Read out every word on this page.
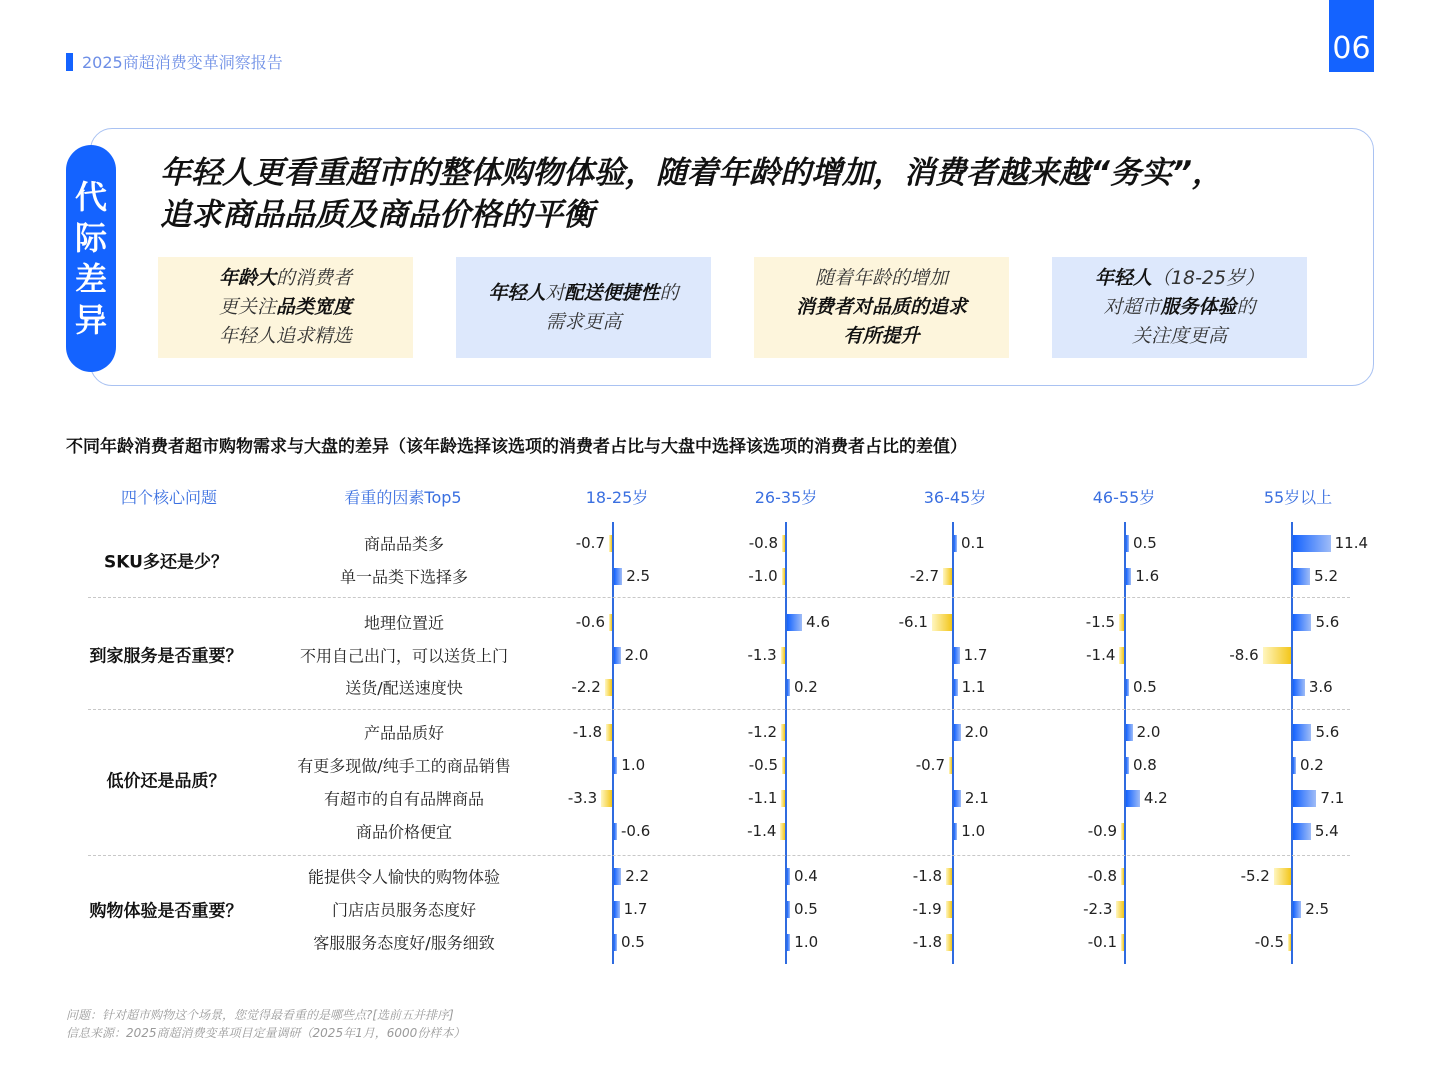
2025商超消费变革洞察报告	06
代
际
差
异
年轻人更看重超市的整体购物体验，随着年龄的增加，消费者越来越“务实”，
追求商品品质及商品价格的平衡
年龄大的消费者
更关注品类宽度
年轻人追求精选
年轻人对配送便捷性的
需求更高
随着年龄的增加
消费者对品质的追求
有所提升
年轻人（18-25岁）
对超市服务体验的
关注度更高
不同年龄消费者超市购物需求与大盘的差异（该年龄选择该选项的消费者占比与大盘中选择该选项的消费者占比的差值）
四个核心问题	看重的因素Top5	18-25岁	26-35岁	36-45岁	46-55岁	55岁以上
SKU多还是少？
商品品类多	-0.7	-0.8	0.1	0.5	11.4
单一品类下选择多	2.5	-1.0	-2.7	1.6	5.2
到家服务是否重要？
地理位置近	-0.6	4.6	-6.1	-1.5	5.6
不用自己出门，可以送货上门	2.0	-1.3	1.7	-1.4	-8.6
送货/配送速度快	-2.2	0.2	1.1	0.5	3.6
低价还是品质？
产品品质好	-1.8	-1.2	2.0	2.0	5.6
有更多现做/纯手工的商品销售	1.0	-0.5	-0.7	0.8	0.2
有超市的自有品牌商品	-3.3	-1.1	2.1	4.2	7.1
商品价格便宜	-0.6	-1.4	1.0	-0.9	5.4
购物体验是否重要？
能提供令人愉快的购物体验	2.2	0.4	-1.8	-0.8	-5.2
门店店员服务态度好	1.7	0.5	-1.9	-2.3	2.5
客服服务态度好/服务细致	0.5	1.0	-1.8	-0.1	-0.5
问题：针对超市购物这个场景，您觉得最看重的是哪些点?[选前五并排序]
信息来源：2025商超消费变革项目定量调研（2025年1月，6000份样本）
